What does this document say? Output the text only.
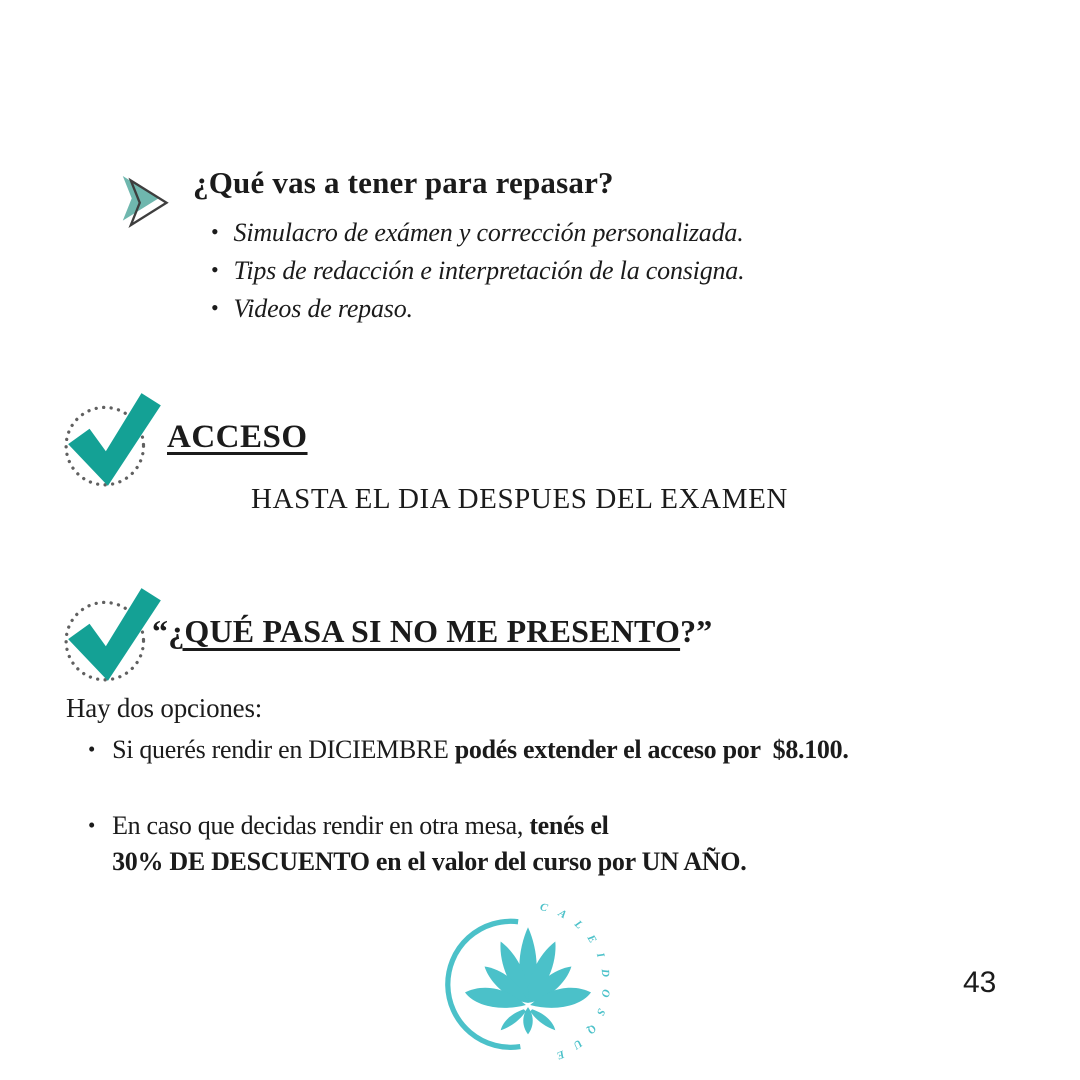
¿Qué vas a tener para repasar?
• Simulacro de exámen y corrección personalizada.
• Tips de redacción e interpretación de la consigna.
• Videos de repaso.
ACCESO
HASTA EL DIA DESPUES DEL EXAMEN
“¿QUÉ PASA SI NO ME PRESENTO?”
Hay dos opciones:
• Si querés rendir en DICIEMBRE podés extender el acceso por  $8.100.
• En caso que decidas rendir en otra mesa, tenés el
30% DE DESCUENTO en el valor del curso por UN AÑO.
CALEIDOSQUE
43
